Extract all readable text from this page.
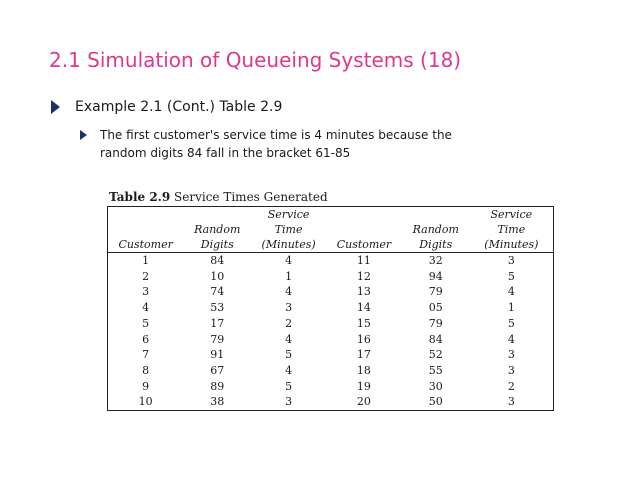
2.1 Simulation of Queueing Systems (18)
Example 2.1 (Cont.) Table 2.9
The first customer's service time is 4 minutes because the random digits 84 fall in the bracket 61-85
Table 2.9 Service Times Generated
		Service			Service
	Random	Time		Random	Time
Customer	Digits	(Minutes)	Customer	Digits	(Minutes)
1	84	4	11	32	3
2	10	1	12	94	5
3	74	4	13	79	4
4	53	3	14	05	1
5	17	2	15	79	5
6	79	4	16	84	4
7	91	5	17	52	3
8	67	4	18	55	3
9	89	5	19	30	2
10	38	3	20	50	3
